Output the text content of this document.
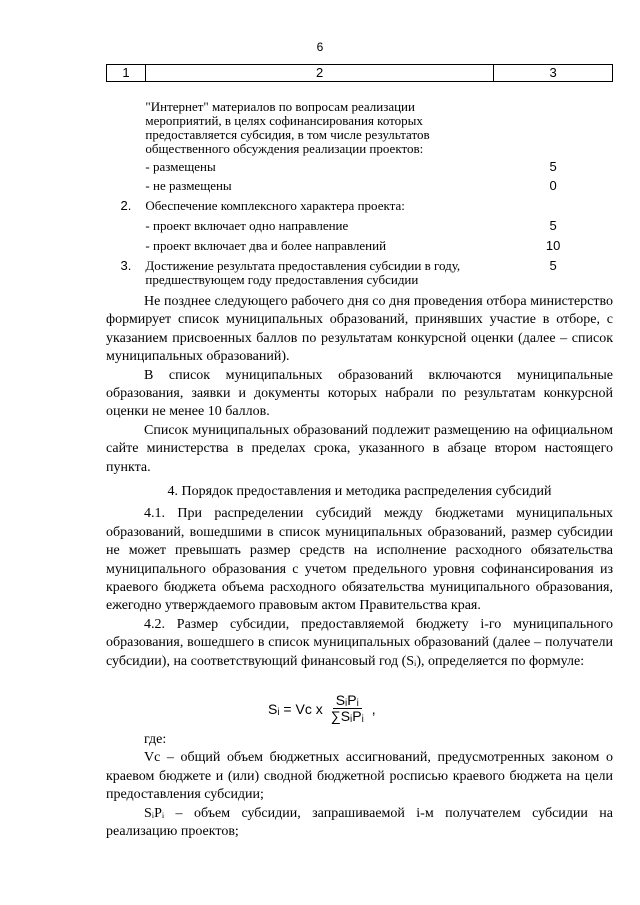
6
1	2	3
	"Интернет" материалов по вопросам реализации мероприятий, в целях софинансирования которых предоставляется субсидия, в том числе результатов общественного обсуждения реализации проектов:	
	- размещены	5
	- не размещены	0
2.	Обеспечение комплексного характера проекта:	
	- проект включает одно направление	5
	- проект включает два и более направлений	10
3.	Достижение результата предоставления субсидии в году, предшествующем году предоставления субсидии	5

Не позднее следующего рабочего дня со дня проведения отбора министерство формирует список муниципальных образований, принявших участие в отборе, с указанием присвоенных баллов по результатам конкурсной оценки (далее – список муниципальных образований).

В список муниципальных образований включаются муниципальные образования, заявки и документы которых набрали по результатам конкурсной оценки не менее 10 баллов.

Список муниципальных образований подлежит размещению на официальном сайте министерства в пределах срока, указанного в абзаце втором настоящего пункта.

4. Порядок предоставления и методика распределения субсидий

4.1. При распределении субсидий между бюджетами муниципальных образований, вошедшими в список муниципальных образований, размер субсидии не может превышать размер средств на исполнение расходного обязательства муниципального образования с учетом предельного уровня софинансирования из краевого бюджета объема расходного обязательства муниципального образования, ежегодно утверждаемого правовым актом Правительства края.

4.2. Размер субсидии, предоставляемой бюджету i-го муниципального образования, вошедшего в список муниципальных образований (далее – получатели субсидии), на соответствующий финансовый год (Sᵢ), определяется по формуле:

Sᵢ = Vc x $\frac{\text{SᵢPᵢ}}{\text{∑SᵢPᵢ}}$ ,

где:

Vc – общий объем бюджетных ассигнований, предусмотренных законом о краевом бюджете и (или) сводной бюджетной росписью краевого бюджета на цели предоставления субсидии;

SᵢPᵢ – объем субсидии, запрашиваемой i-м получателем субсидии на реализацию проектов;
